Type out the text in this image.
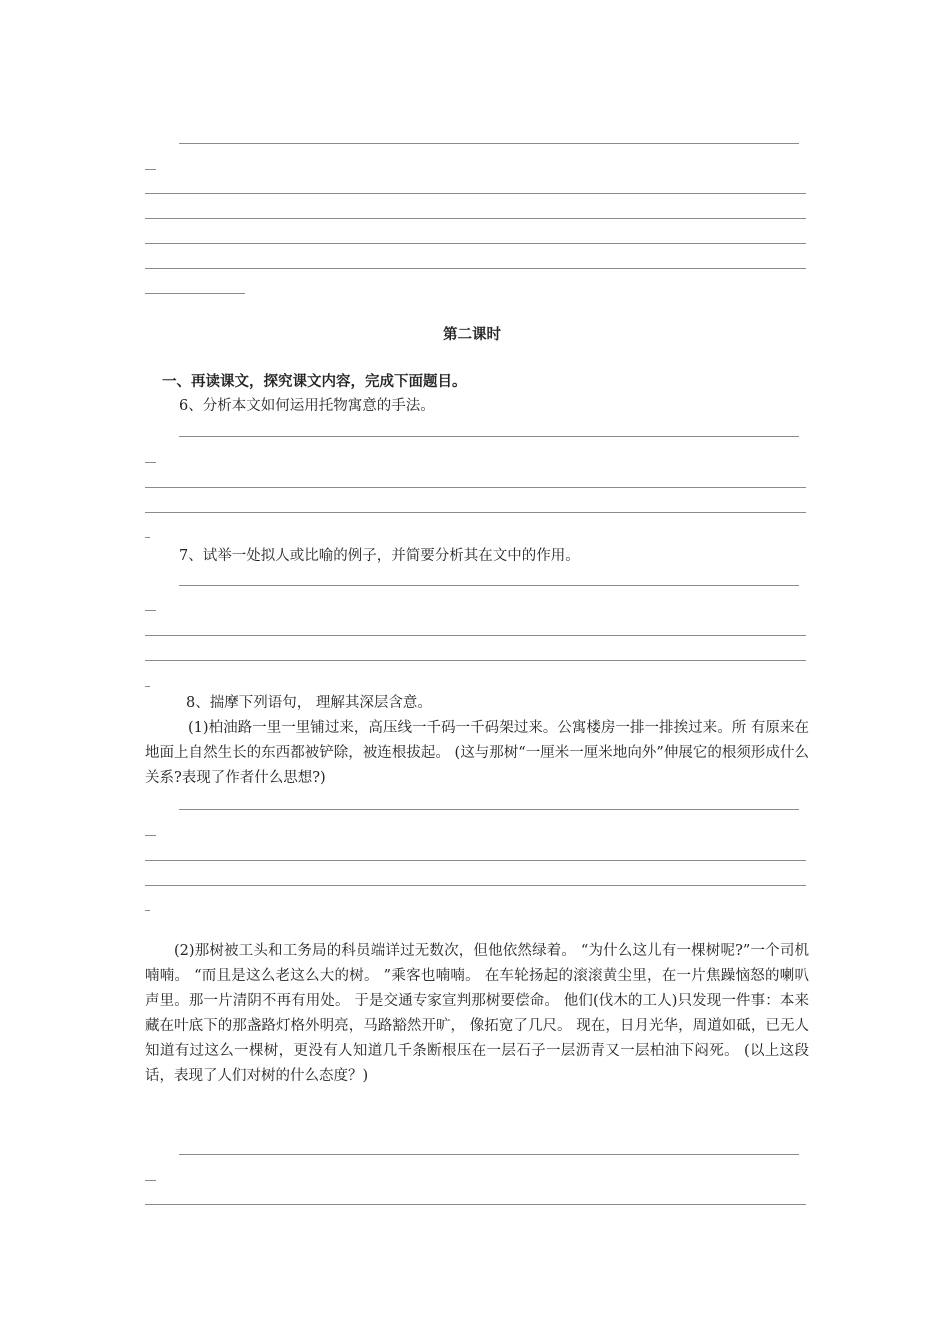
第二课时
一、再读课文，探究课文内容，完成下面题目。
6、分析本文如何运用托物寓意的手法。
7、试举一处拟人或比喻的例子，并简要分析其在文中的作用。
8、揣摩下列语句， 理解其深层含意。
(1)柏油路一里一里铺过来，高压线一千码一千码架过来。公寓楼房一排一排挨过来。所 有原来在地面上自然生长的东西都被铲除，被连根拔起。 (这与那树“一厘米一厘米地向外”伸展它的根须形成什么关系?表现了作者什么思想?)
(2)那树被工头和工务局的科员端详过无数次，但他依然绿着。 “为什么这儿有一棵树呢?”一个司机喃喃。 “而且是这么老这么大的树。 ”乘客也喃喃。 在车轮扬起的滚滚黄尘里，在一片焦躁恼怒的喇叭声里。那一片清阴不再有用处。 于是交通专家宣判那树要偿命。 他们(伐木的工人)只发现一件事：本来藏在叶底下的那盏路灯格外明亮，马路豁然开旷， 像拓宽了几尺。 现在，日月光华，周道如砥，已无人知道有过这么一棵树，更没有人知道几千条断根压在一层石子一层沥青又一层柏油下闷死。 (以上这段话，表现了人们对树的什么态度？)
